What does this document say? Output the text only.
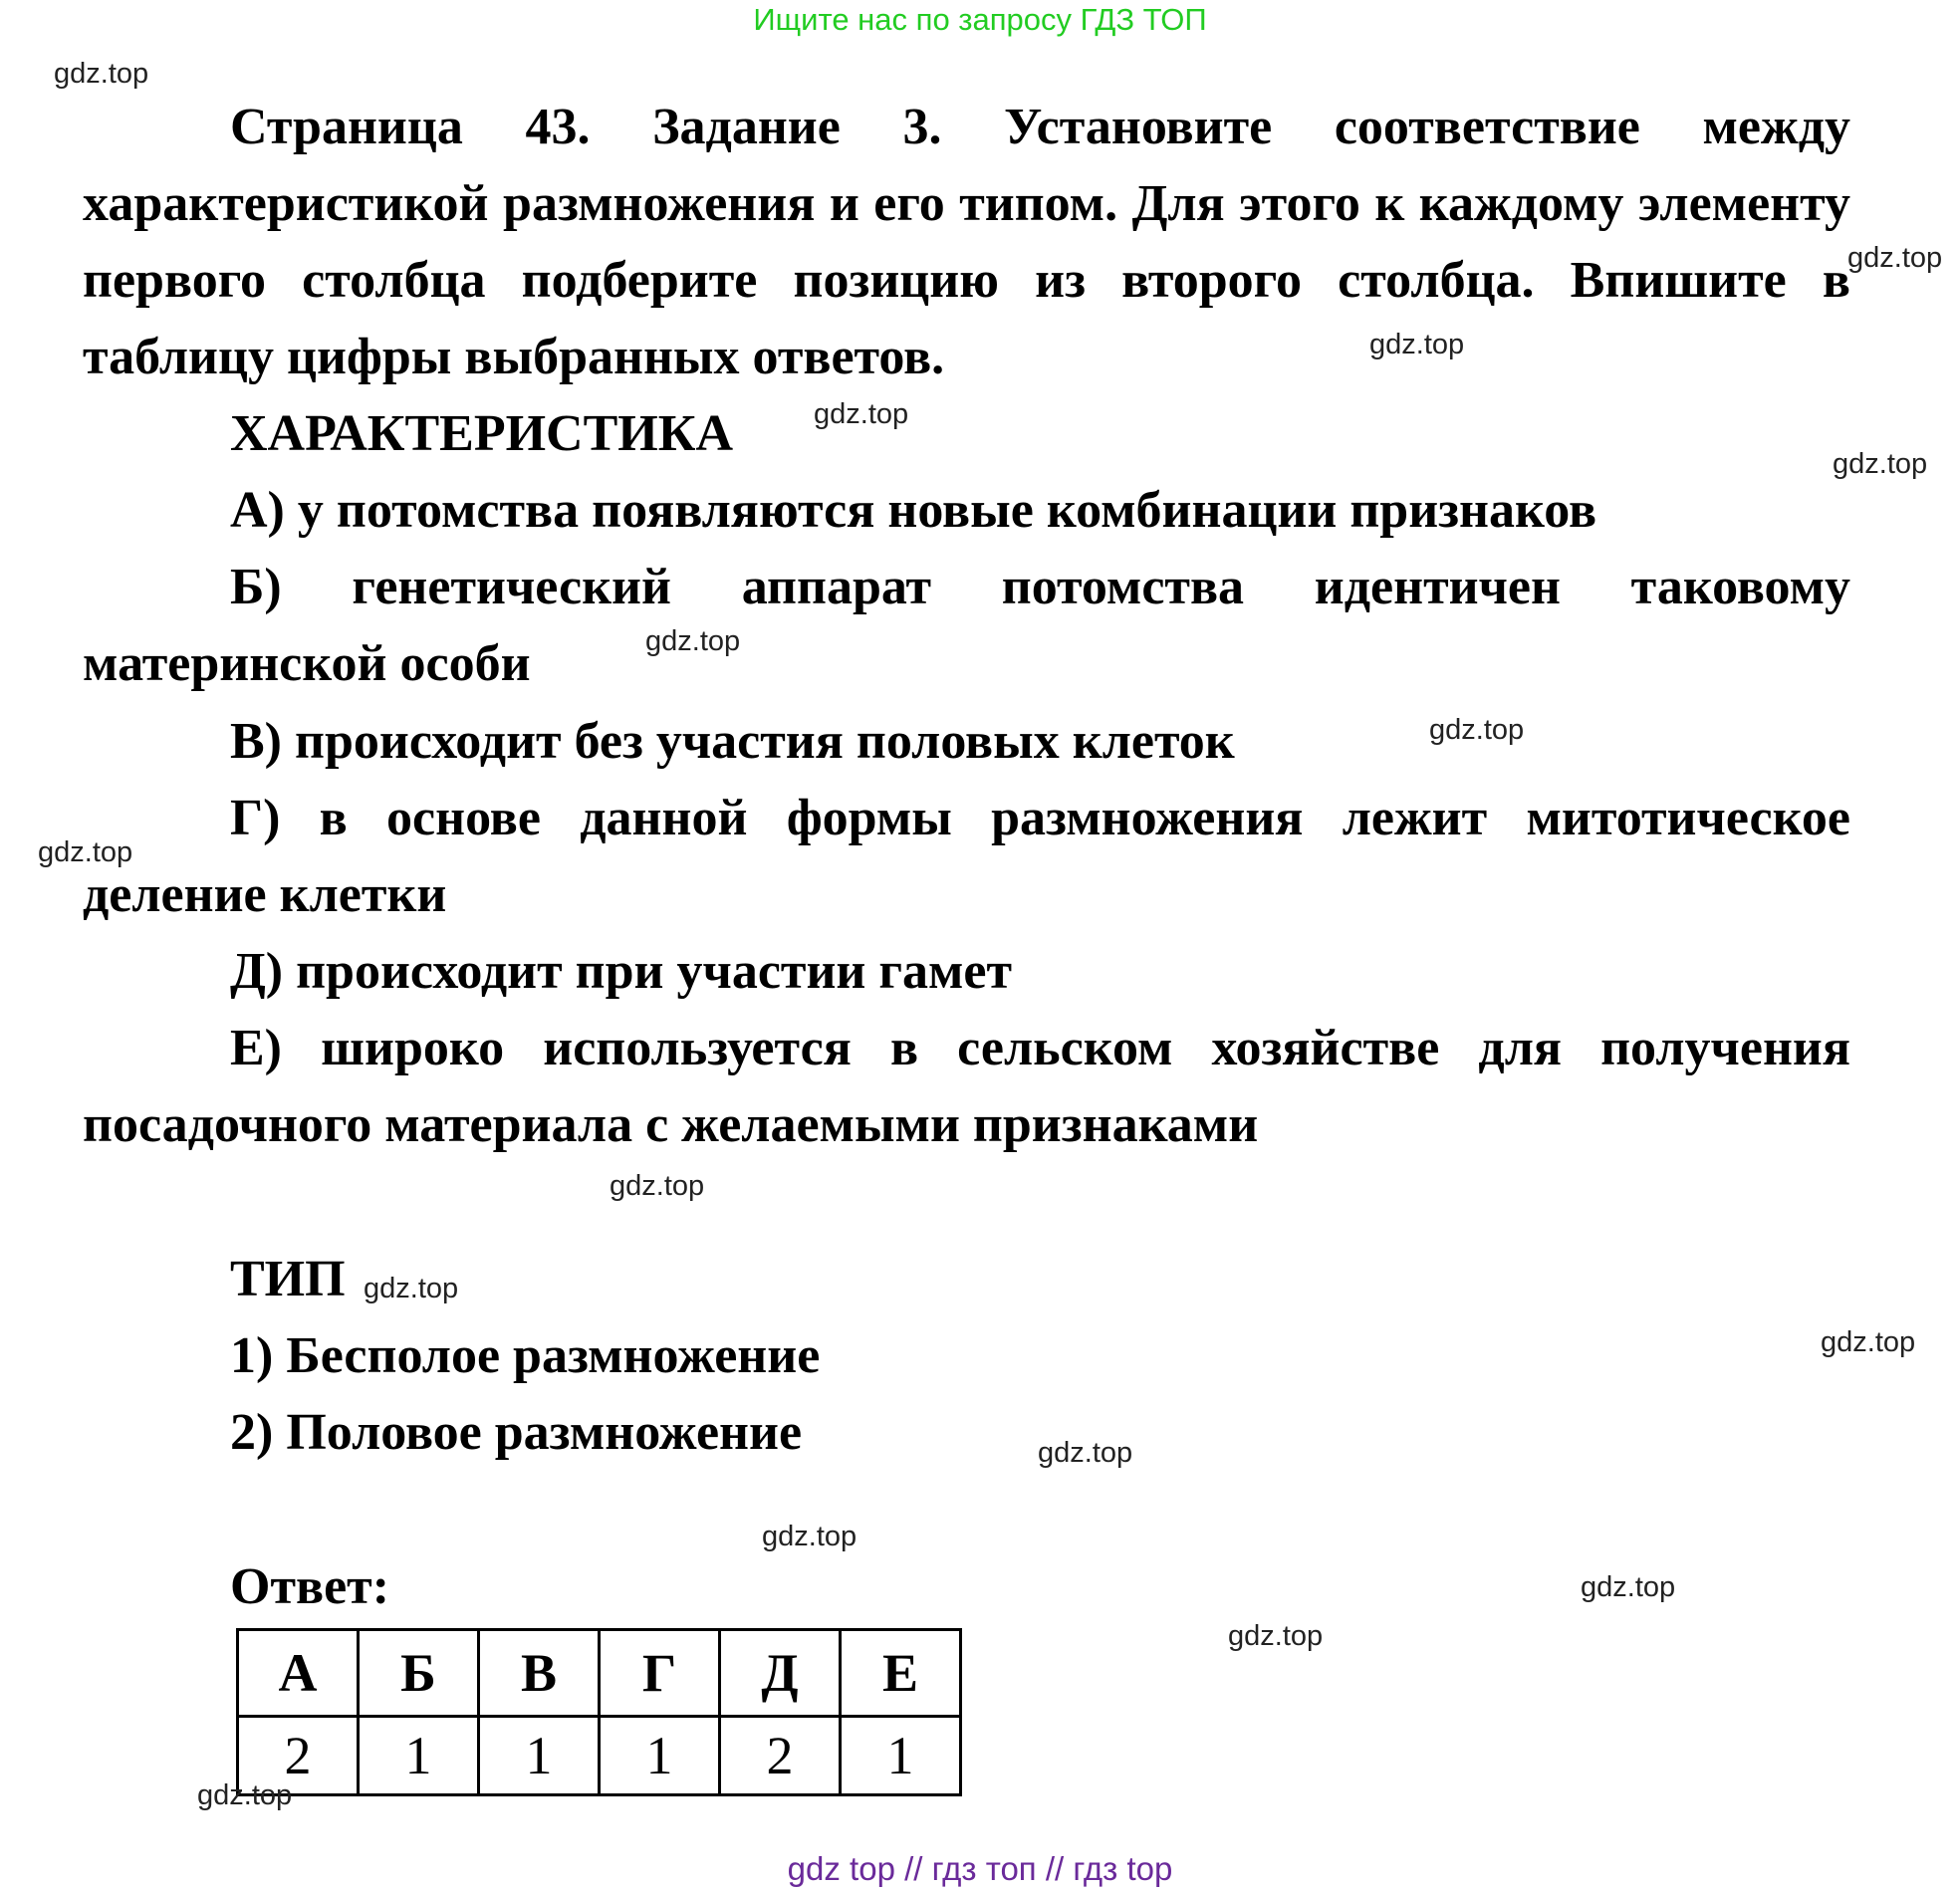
Ищите нас по запросу ГДЗ ТОП
Страница 43. Задание 3. Установите соответствие между характеристикой размножения и его типом. Для этого к каждому элементу первого столбца подберите позицию из второго столбца. Впишите в таблицу цифры выбранных ответов.
ХАРАКТЕРИСТИКА
А) у потомства появляются новые комбинации признаков
Б) генетический аппарат потомства идентичен таковому материнской особи
В) происходит без участия половых клеток
Г) в основе данной формы размножения лежит митотическое деление клетки
Д) происходит при участии гамет
Е) широко используется в сельском хозяйстве для получения посадочного материала с желаемыми признаками
ТИП
1) Бесполое размножение
2) Половое размножение
Ответ:
А	Б	В	Г	Д	Е
2	1	1	1	2	1
gdz.top
gdz.top
gdz.top
gdz.top
gdz.top
gdz.top
gdz.top
gdz.top
gdz.top
gdz.top
gdz.top
gdz.top
gdz.top
gdz.top
gdz.top
gdz.top
gdz top // гдз топ // гдз top
